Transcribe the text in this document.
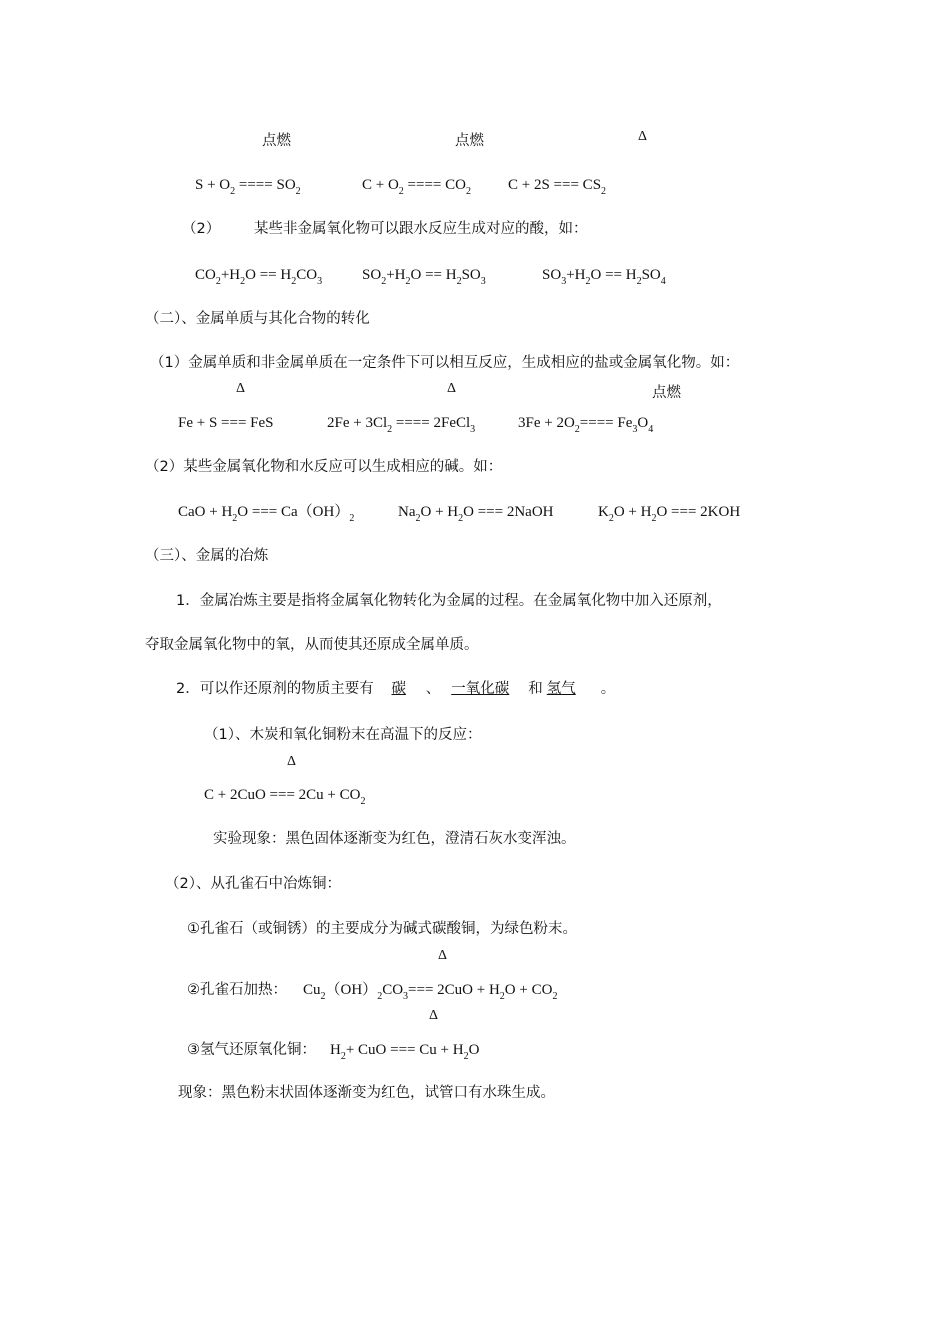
点燃	点燃	Δ
$S + O_2$ ==== $SO_2$	$C + O_2$ ==== $CO_2$ C + 2S === $CS_2$
（2） 某些非金属氧化物可以跟水反应生成对应的酸，如：
$CO_2+H_2O == H_2CO_3$	$SO_2+H_2O == H_2SO_3$	$SO_3+H_2O == H_2SO_4$
（二）、金属单质与其化合物的转化
（1）金属单质和非金属单质在一定条件下可以相互反应，生成相应的盐或金属氧化物。如：
Δ	Δ	点燃
Fe + S === FeS	$2Fe + 3Cl_2$ ==== 2FeCl$_3$	$3Fe + 2O_2==== Fe_3O_4$
（2）某些金属氧化物和水反应可以生成相应的碱。如：
CaO + $H_2O$ === $Ca(OH)_2$	$Na_2O + H_2O$ === 2NaOH	$K_2O + H_2O$ === 2KOH
（三）、金属的冶炼
1．金属冶炼主要是指将金属氧化物转化为金属的过程。在金属氧化物中加入还原剂，
夺取金属氧化物中的氧，从而使其还原成全属单质。
2．可以作还原剂的物质主要有 碳 、 一氧化碳 和 氢气 。
（1）、木炭和氧化铜粉末在高温下的反应：
Δ
C + 2CuO === $2Cu + CO_2$
实验现象：黑色固体逐渐变为红色，澄清石灰水变浑浊。
（2）、从孔雀石中冶炼铜：
①孔雀石（或铜锈）的主要成分为碱式碳酸铜，为绿色粉末。
Δ
②孔雀石加热： $Cu_2(OH)_2CO_3=== 2CuO + H_2O + CO_2$
Δ
③氢气还原氧化铜： $H_2+$ CuO === $Cu + H_2O$
现象：黑色粉末状固体逐渐变为红色，试管口有水珠生成。
